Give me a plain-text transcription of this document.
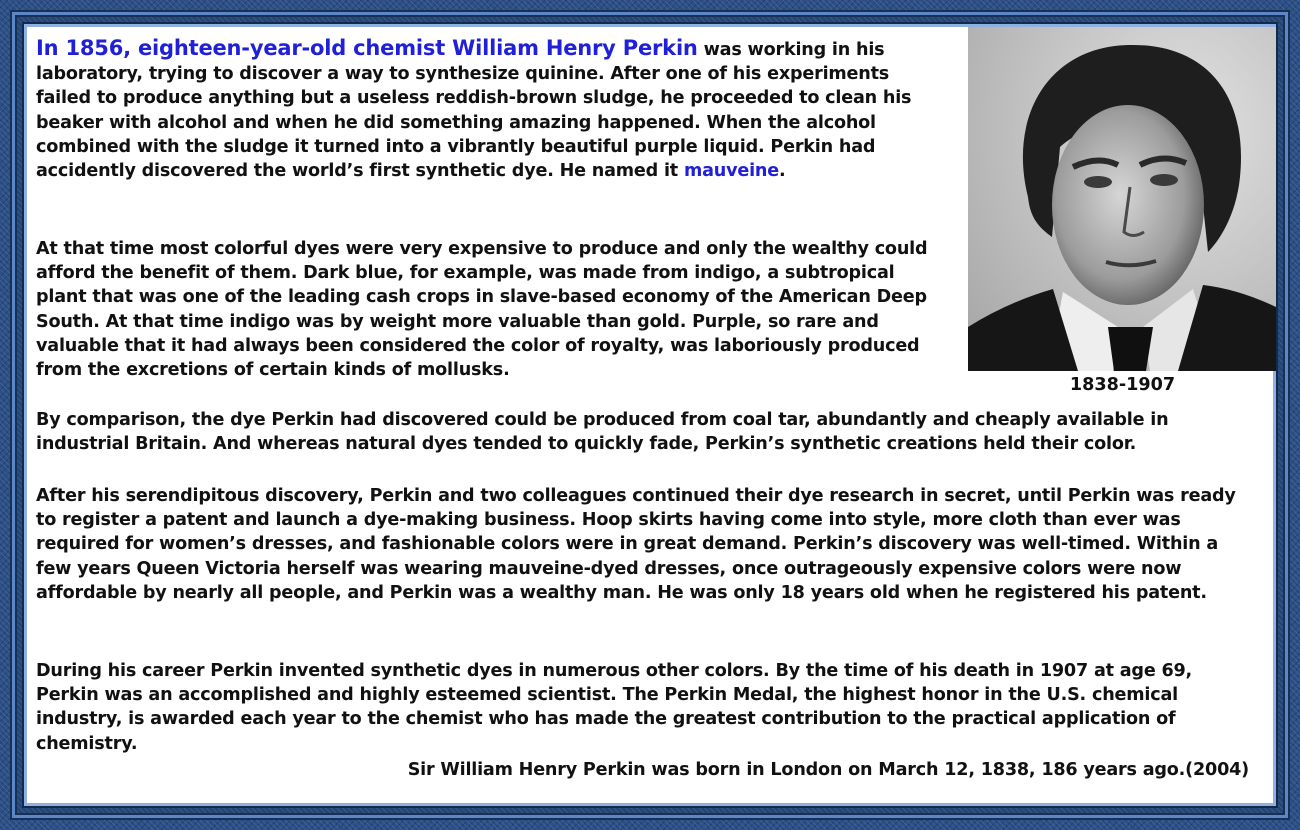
In 1856, eighteen-year-old chemist William Henry Perkin was working in his laboratory, trying to discover a way to synthesize quinine. After one of his experiments failed to produce anything but a useless reddish-brown sludge, he proceeded to clean his beaker with alcohol and when he did something amazing happened. When the alcohol combined with the sludge it turned into a vibrantly beautiful purple liquid. Perkin had accidently discovered the world’s first synthetic dye. He named it mauveine.
At that time most colorful dyes were very expensive to produce and only the wealthy could afford the benefit of them. Dark blue, for example, was made from indigo, a subtropical plant that was one of the leading cash crops in slave-based economy of the American Deep South. At that time indigo was by weight more valuable than gold. Purple, so rare and valuable that it had always been considered the color of royalty, was laboriously produced from the excretions of certain kinds of mollusks.
1838-1907
By comparison, the dye Perkin had discovered could be produced from coal tar, abundantly and cheaply available in industrial Britain. And whereas natural dyes tended to quickly fade, Perkin’s synthetic creations held their color.
After his serendipitous discovery, Perkin and two colleagues continued their dye research in secret, until Perkin was ready to register a patent and launch a dye-making business. Hoop skirts having come into style, more cloth than ever was required for women’s dresses, and fashionable colors were in great demand. Perkin’s discovery was well-timed. Within a few years Queen Victoria herself was wearing mauveine-dyed dresses, once outrageously expensive colors were now affordable by nearly all people, and Perkin was a wealthy man. He was only 18 years old when he registered his patent.
During his career Perkin invented synthetic dyes in numerous other colors. By the time of his death in 1907 at age 69, Perkin was an accomplished and highly esteemed scientist. The Perkin Medal, the highest honor in the U.S. chemical industry, is awarded each year to the chemist who has made the greatest contribution to the practical application of chemistry.
Sir William Henry Perkin was born in London on March 12, 1838, 186 years ago.(2004)
